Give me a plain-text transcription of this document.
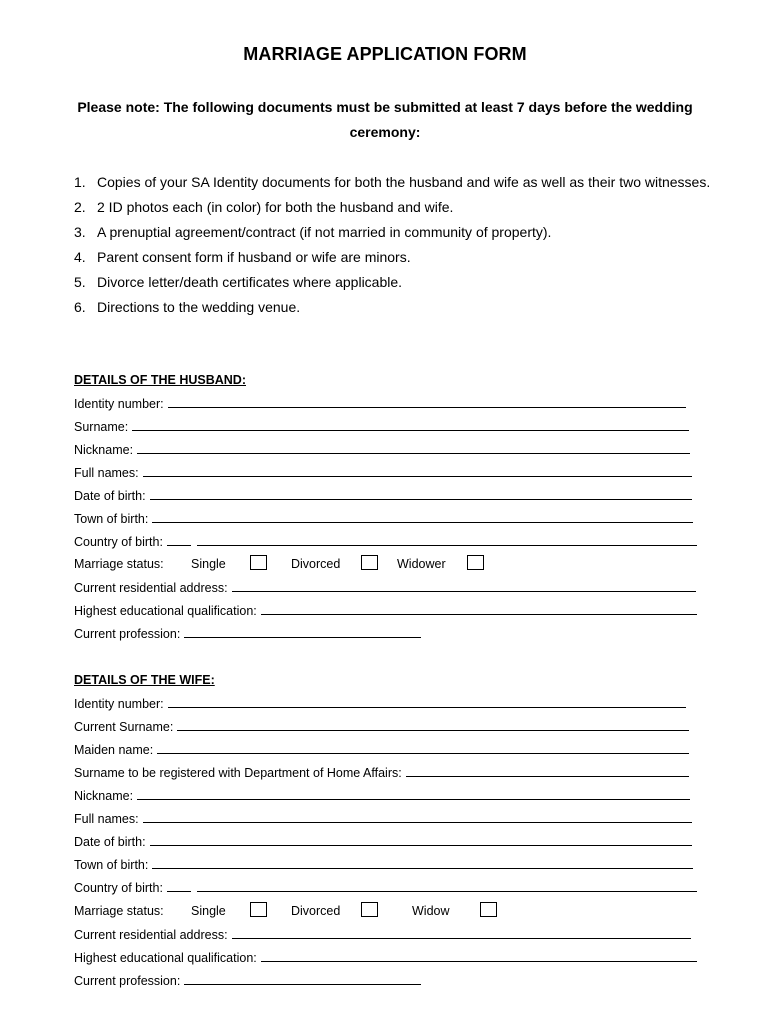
MARRIAGE APPLICATION FORM
Please note: The following documents must be submitted at least 7 days before the wedding ceremony:
1. Copies of your SA Identity documents for both the husband and wife as well as their two witnesses.
2. 2 ID photos each (in color) for both the husband and wife.
3. A prenuptial agreement/contract (if not married in community of property).
4. Parent consent form if husband or wife are minors.
5. Divorce letter/death certificates where applicable.
6. Directions to the wedding venue.
DETAILS OF THE HUSBAND:
Identity number:
Surname:
Nickname:
Full names:
Date of birth:
Town of birth:
Country of birth:
Marriage status: Single	Divorced	Widower
Current residential address:
Highest educational qualification:
Current profession:
DETAILS OF THE WIFE:
Identity number:
Current Surname:
Maiden name:
Surname to be registered with Department of Home Affairs:
Nickname:
Full names:
Date of birth:
Town of birth:
Country of birth:
Marriage status: Single	Divorced	Widow
Current residential address:
Highest educational qualification:
Current profession:
